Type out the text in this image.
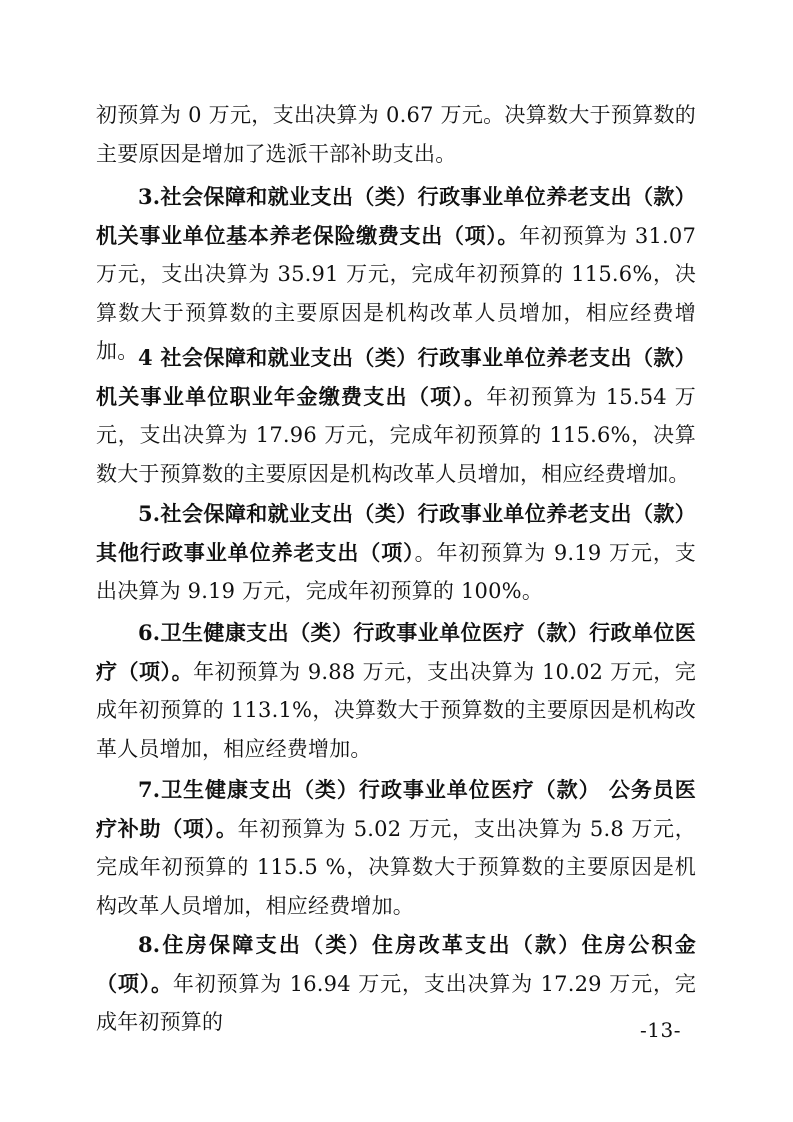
初预算为 0 万元，支出决算为 0.67 万元。决算数大于预算数的主要原因是增加了选派干部补助支出。

3.社会保障和就业支出（类）行政事业单位养老支出（款）机关事业单位基本养老保险缴费支出（项）。年初预算为 31.07 万元，支出决算为 35.91 万元，完成年初预算的 115.6%，决算数大于预算数的主要原因是机构改革人员增加，相应经费增加。 4 社会保障和就业支出（类）行政事业单位养老支出（款）机关事业单位职业年金缴费支出（项）。年初预算为 15.54 万元，支出决算为 17.96 万元，完成年初预算的 115.6%，决算数大于预算数的主要原因是机构改革人员增加，相应经费增加。

5.社会保障和就业支出（类）行政事业单位养老支出（款）其他行政事业单位养老支出（项）。年初预算为 9.19 万元，支出决算为 9.19 万元，完成年初预算的 100%。

6.卫生健康支出（类）行政事业单位医疗（款）行政单位医疗（项）。年初预算为 9.88 万元，支出决算为 10.02 万元，完成年初预算的 113.1%，决算数大于预算数的主要原因是机构改革人员增加，相应经费增加。

7.卫生健康支出（类）行政事业单位医疗（款） 公务员医疗补助（项）。年初预算为 5.02 万元，支出决算为 5.8 万元，完成年初预算的 115.5 %，决算数大于预算数的主要原因是机构改革人员增加，相应经费增加。

8.住房保障支出（类）住房改革支出（款）住房公积金（项）。年初预算为 16.94 万元，支出决算为 17.29 万元，完成年初预算的	-13-
